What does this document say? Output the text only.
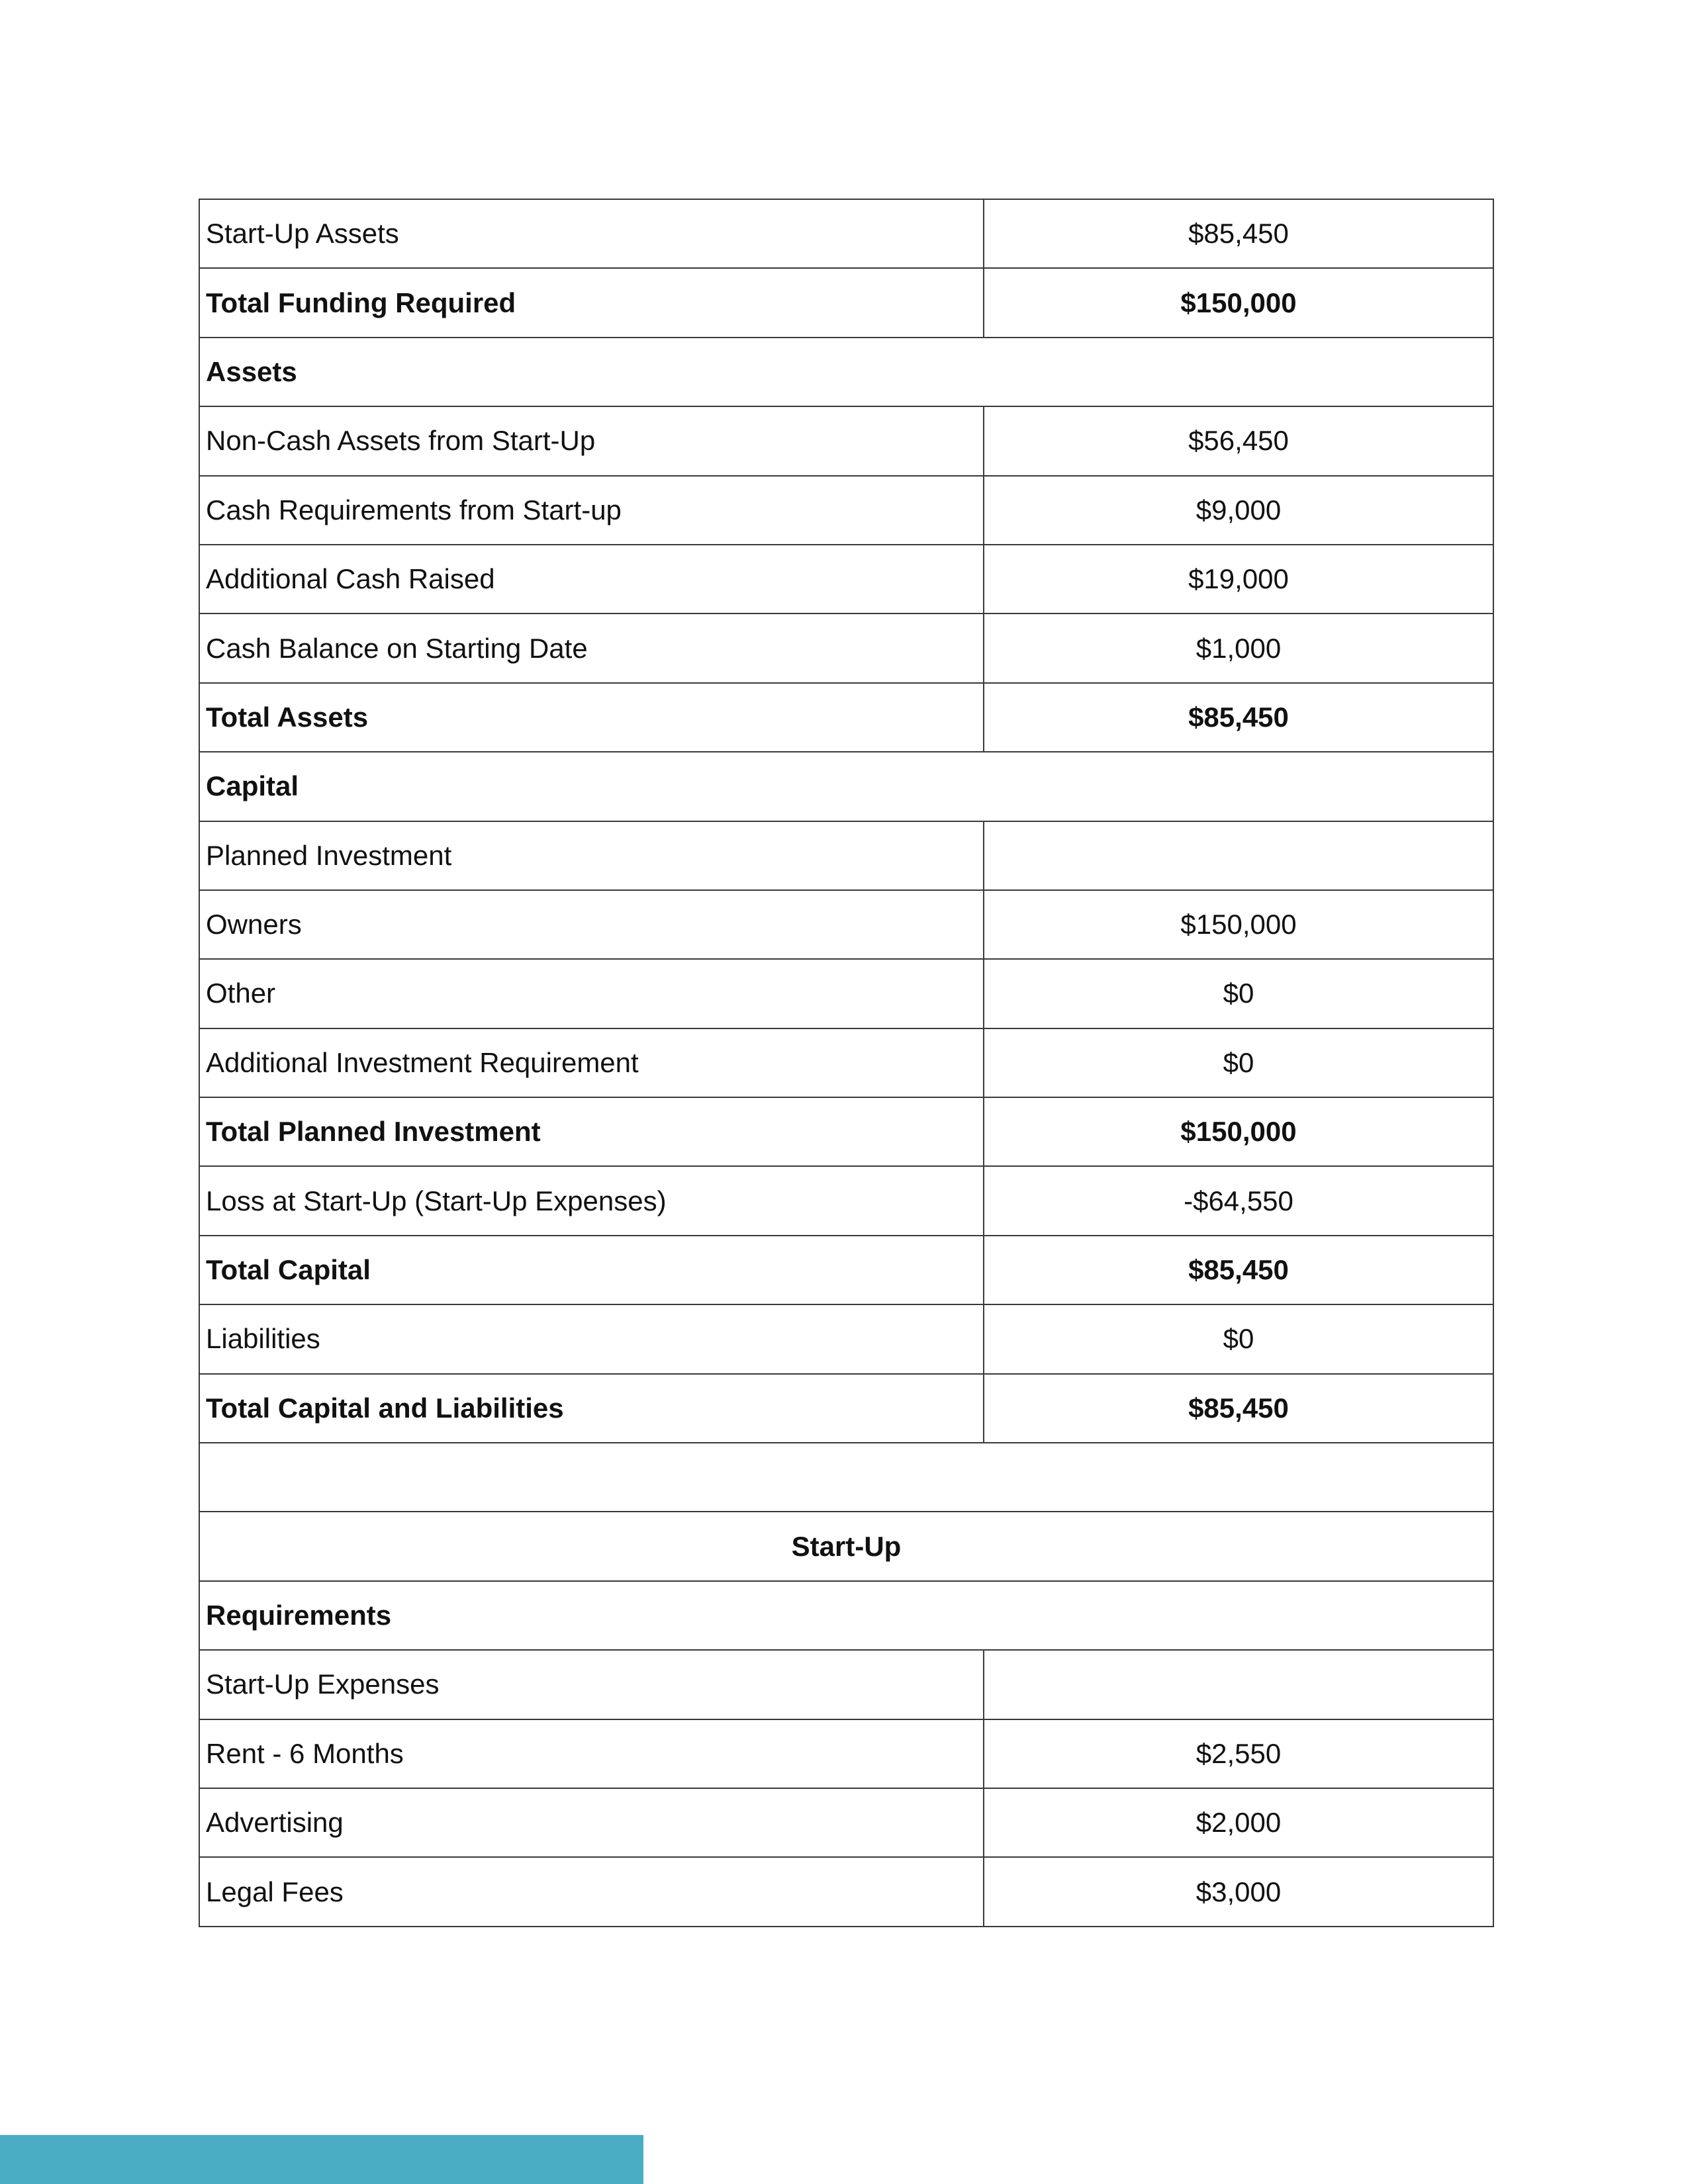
Start-Up Assets	$85,450
Total Funding Required	$150,000
Assets	
Non-Cash Assets from Start-Up	$56,450
Cash Requirements from Start-up	$9,000
Additional Cash Raised	$19,000
Cash Balance on Starting Date	$1,000
Total Assets	$85,450
Capital	
Planned Investment	
Owners	$150,000
Other	$0
Additional Investment Requirement	$0
Total Planned Investment	$150,000
Loss at Start-Up (Start-Up Expenses)	-$64,550
Total Capital	$85,450
Liabilities	$0
Total Capital and Liabilities	$85,450

Start-Up	
Requirements	
Start-Up Expenses	
Rent - 6 Months	$2,550
Advertising	$2,000
Legal Fees	$3,000
